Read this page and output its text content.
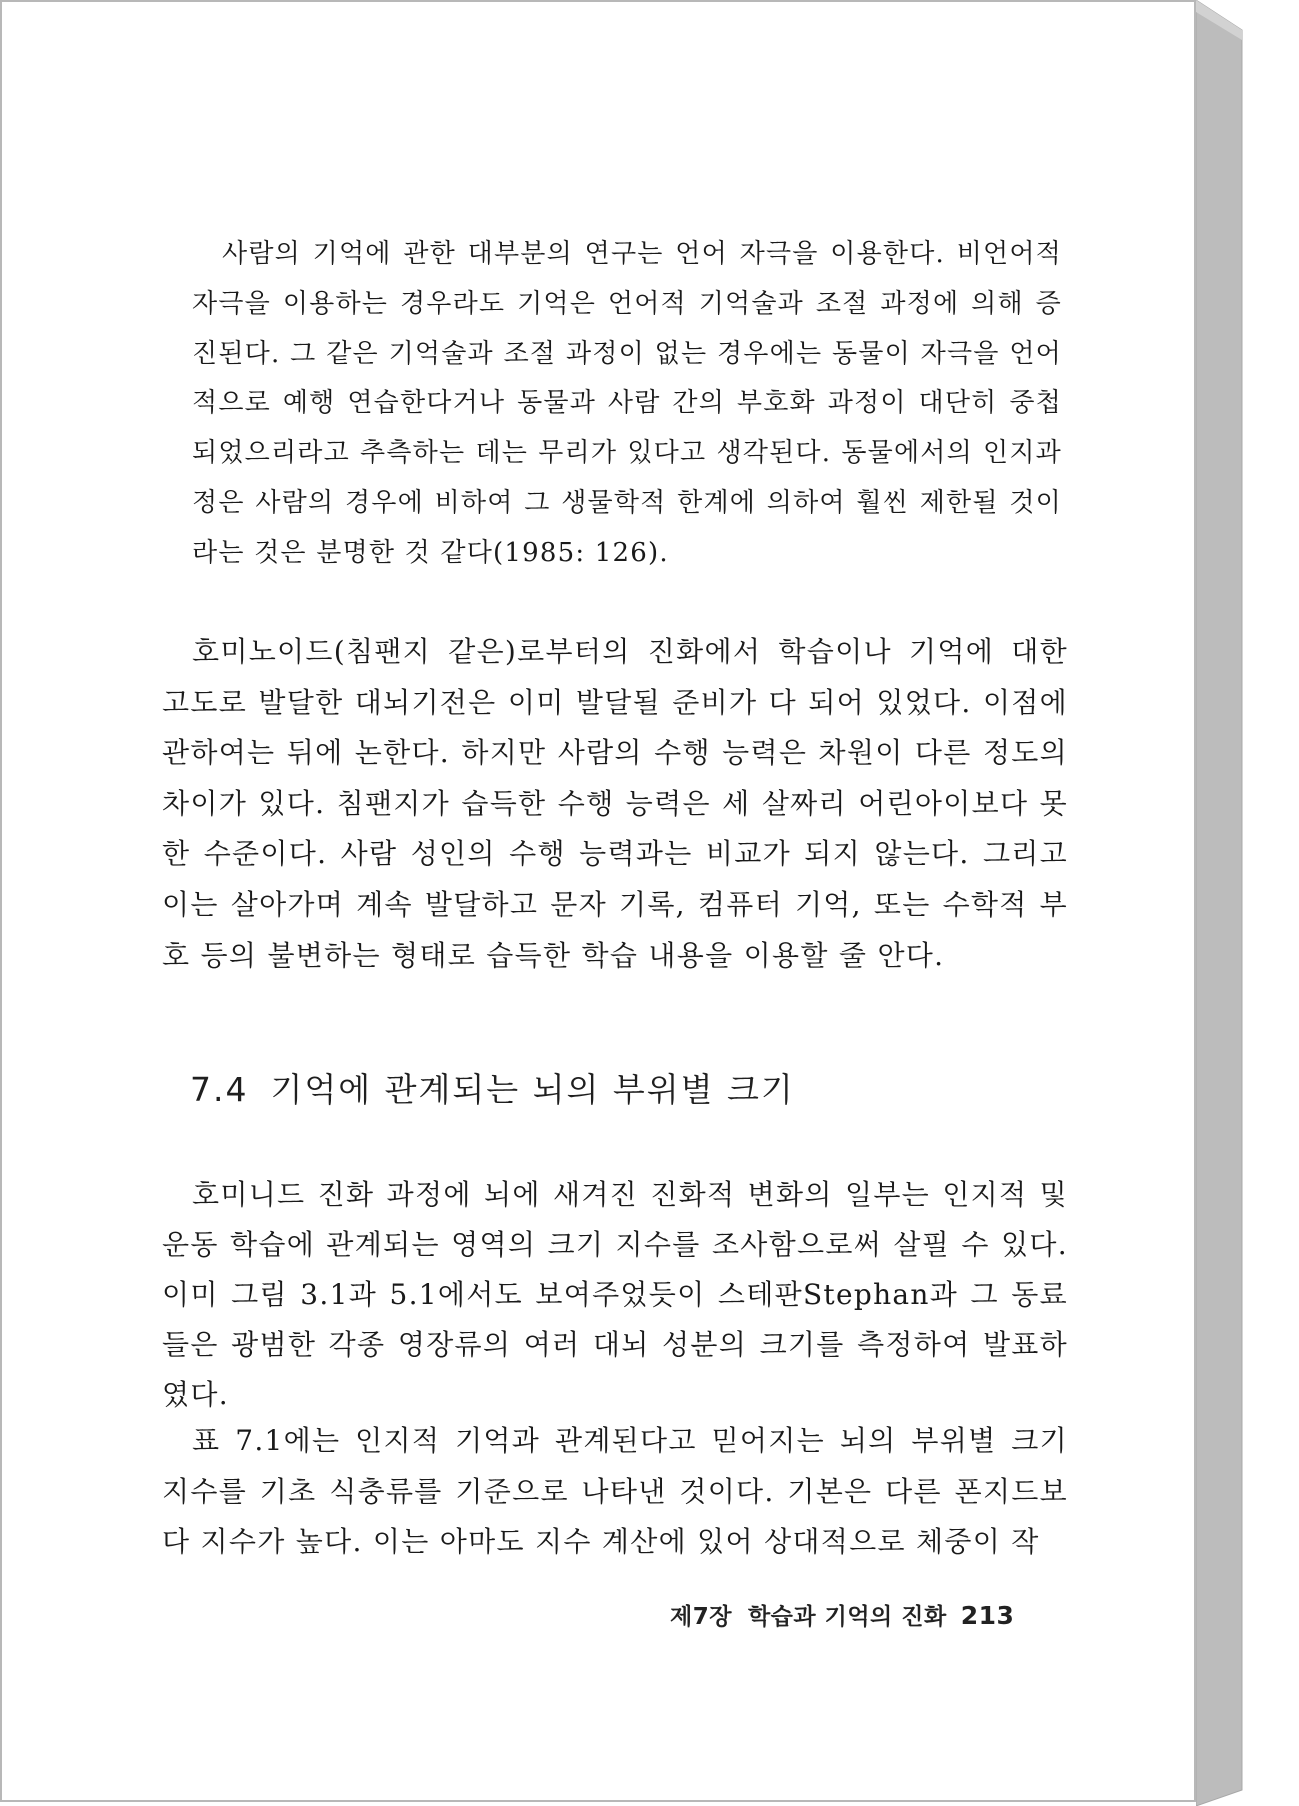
사람의 기억에 관한 대부분의 연구는 언어 자극을 이용한다. 비언어적 자극을 이용하는 경우라도 기억은 언어적 기억술과 조절 과정에 의해 증진된다. 그 같은 기억술과 조절 과정이 없는 경우에는 동물이 자극을 언어적으로 예행 연습한다거나 동물과 사람 간의 부호화 과정이 대단히 중첩되었으리라고 추측하는 데는 무리가 있다고 생각된다. 동물에서의 인지과정은 사람의 경우에 비하여 그 생물학적 한계에 의하여 훨씬 제한될 것이라는 것은 분명한 것 같다(1985: 126).
호미노이드(침팬지 같은)로부터의 진화에서 학습이나 기억에 대한 고도로 발달한 대뇌기전은 이미 발달될 준비가 다 되어 있었다. 이점에 관하여는 뒤에 논한다. 하지만 사람의 수행 능력은 차원이 다른 정도의 차이가 있다. 침팬지가 습득한 수행 능력은 세 살짜리 어린아이보다 못한 수준이다. 사람 성인의 수행 능력과는 비교가 되지 않는다. 그리고 이는 살아가며 계속 발달하고 문자 기록, 컴퓨터 기억, 또는 수학적 부호 등의 불변하는 형태로 습득한 학습 내용을 이용할 줄 안다.
7.4 기억에 관계되는 뇌의 부위별 크기
호미니드 진화 과정에 뇌에 새겨진 진화적 변화의 일부는 인지적 및 운동 학습에 관계되는 영역의 크기 지수를 조사함으로써 살필 수 있다. 이미 그림 3.1과 5.1에서도 보여주었듯이 스테판Stephan과 그 동료들은 광범한 각종 영장류의 여러 대뇌 성분의 크기를 측정하여 발표하였다.
표 7.1에는 인지적 기억과 관계된다고 믿어지는 뇌의 부위별 크기 지수를 기초 식충류를 기준으로 나타낸 것이다. 기본은 다른 폰지드보다 지수가 높다. 이는 아마도 지수 계산에 있어 상대적으로 체중이 작
제7장 학습과 기억의 진화 213
